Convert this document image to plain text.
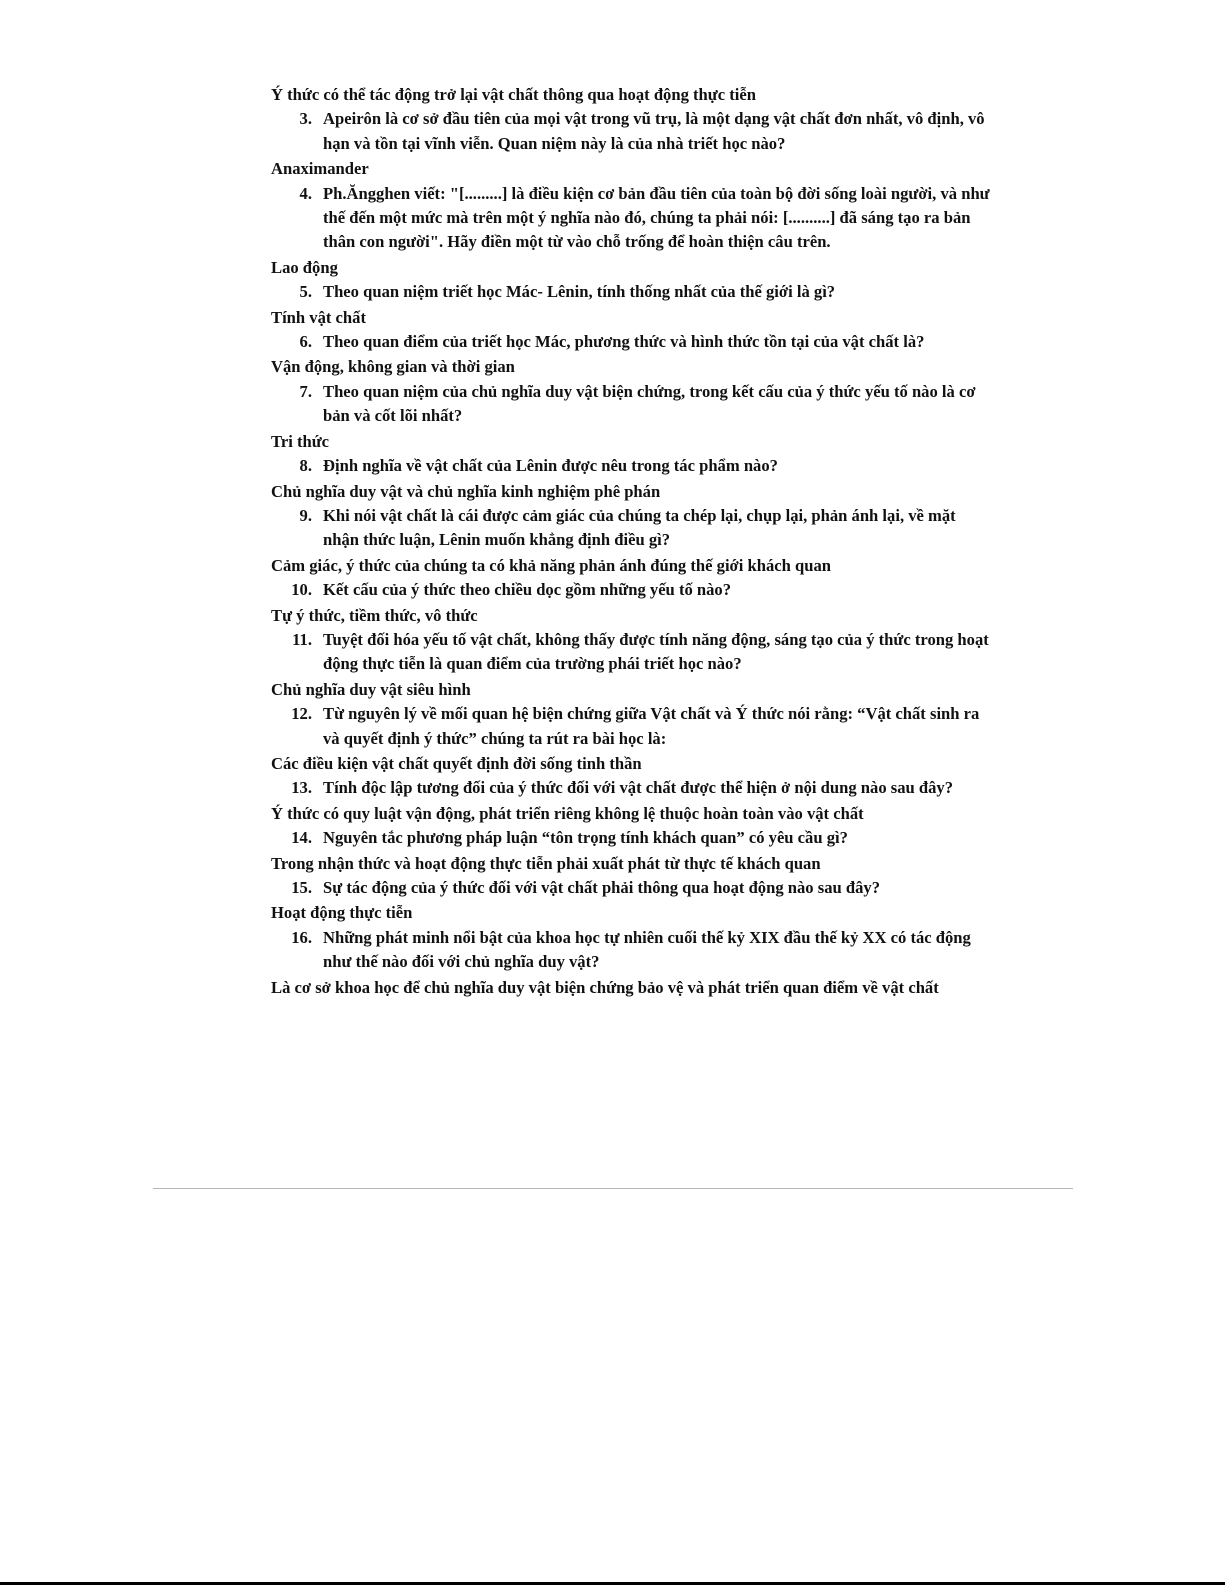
Ý thức có thể tác động trở lại vật chất thông qua hoạt động thực tiễn
3. Apeirôn là cơ sở đầu tiên của mọi vật trong vũ trụ, là một dạng vật chất đơn nhất, vô định, vô hạn và tồn tại vĩnh viễn. Quan niệm này là của nhà triết học nào?
Anaximander
4. Ph.Ăngghen viết: "[.........] là điều kiện cơ bản đầu tiên của toàn bộ đời sống loài người, và như thế đến một mức mà trên một ý nghĩa nào đó, chúng ta phải nói: [..........] đã sáng tạo ra bản thân con người". Hãy điền một từ vào chỗ trống để hoàn thiện câu trên.
Lao động
5. Theo quan niệm triết học Mác- Lênin, tính thống nhất của thế giới là gì?
Tính vật chất
6. Theo quan điểm của triết học Mác, phương thức và hình thức tồn tại của vật chất là?
Vận động, không gian và thời gian
7. Theo quan niệm của chủ nghĩa duy vật biện chứng, trong kết cấu của ý thức yếu tố nào là cơ bản và cốt lõi nhất?
Tri thức
8. Định nghĩa về vật chất của Lênin được nêu trong tác phẩm nào?
Chủ nghĩa duy vật và chủ nghĩa kinh nghiệm phê phán
9. Khi nói vật chất là cái được cảm giác của chúng ta chép lại, chụp lại, phản ánh lại, về mặt nhận thức luận, Lênin muốn khẳng định điều gì?
Cảm giác, ý thức của chúng ta có khả năng phản ánh đúng thế giới khách quan
10. Kết cấu của ý thức theo chiều dọc gồm những yếu tố nào?
Tự ý thức, tiềm thức, vô thức
11. Tuyệt đối hóa yếu tố vật chất, không thấy được tính năng động, sáng tạo của ý thức trong hoạt động thực tiễn là quan điểm của trường phái triết học nào?
Chủ nghĩa duy vật siêu hình
12. Từ nguyên lý về mối quan hệ biện chứng giữa Vật chất và Ý thức nói rằng: “Vật chất sinh ra và quyết định ý thức” chúng ta rút ra bài học là:
Các điều kiện vật chất quyết định đời sống tinh thần
13. Tính độc lập tương đối của ý thức đối với vật chất được thể hiện ở nội dung nào sau đây?
Ý thức có quy luật vận động, phát triển riêng không lệ thuộc hoàn toàn vào vật chất
14. Nguyên tắc phương pháp luận “tôn trọng tính khách quan” có yêu cầu gì?
Trong nhận thức và hoạt động thực tiễn phải xuất phát từ thực tế khách quan
15. Sự tác động của ý thức đối với vật chất phải thông qua hoạt động nào sau đây?
Hoạt động thực tiễn
16. Những phát minh nổi bật của khoa học tự nhiên cuối thế kỷ XIX đầu thế kỷ XX có tác động như thế nào đối với chủ nghĩa duy vật?
Là cơ sở khoa học để chủ nghĩa duy vật biện chứng bảo vệ và phát triển quan điểm về vật chất
